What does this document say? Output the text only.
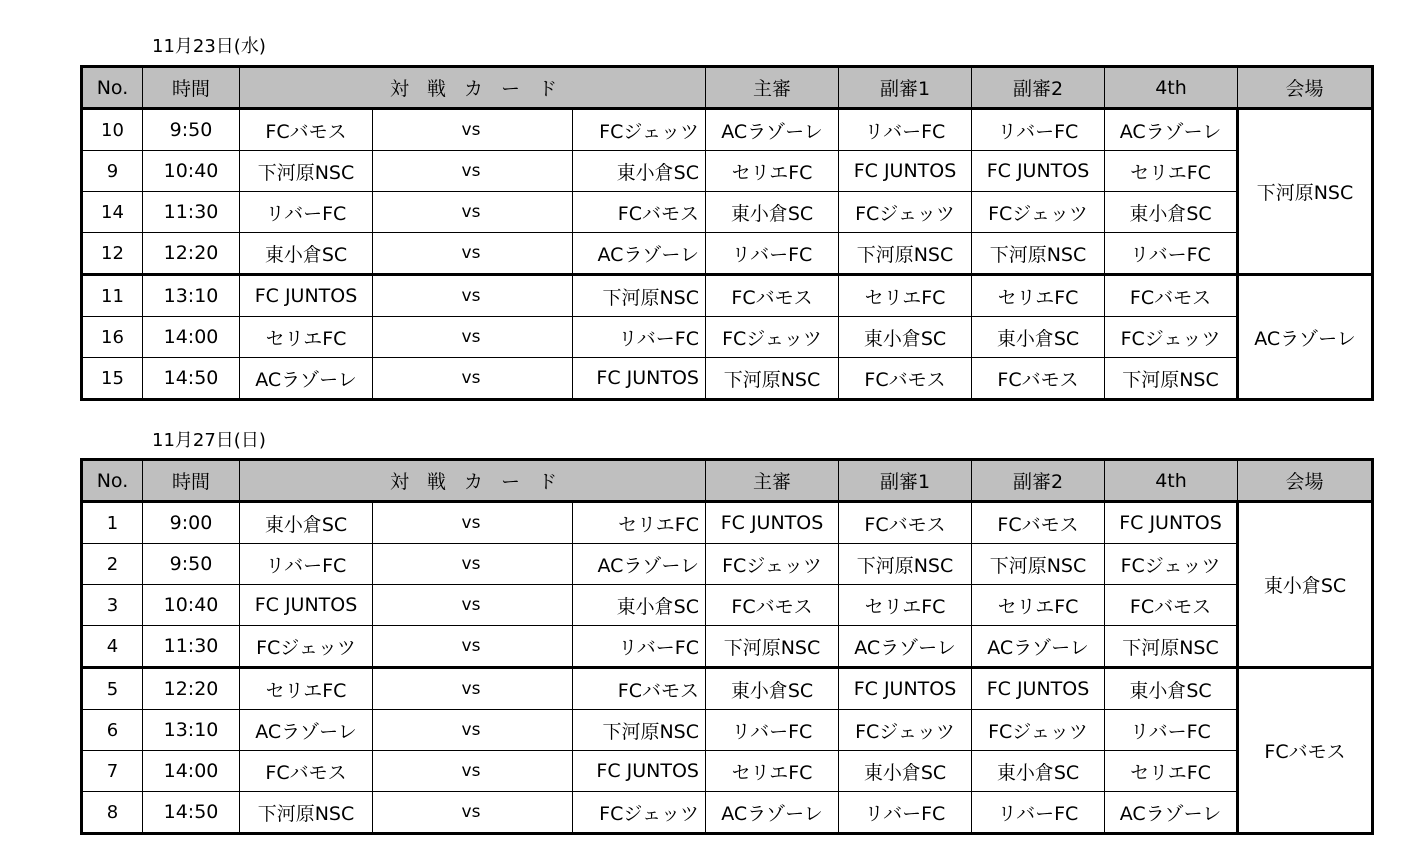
11月23日(水)
No.	時間	対戦カード					主審	副審1	副審2	4th	会場
10	9:50	FCバモス		vs		FCジェッツ	ACラゾーレ	リバーFC	リバーFC	ACラゾーレ	下河原NSC
9	10:40	下河原NSC		vs		東小倉SC	セリエFC	FC JUNTOS	FC JUNTOS	セリエFC	
14	11:30	リバーFC		vs		FCバモス	東小倉SC	FCジェッツ	FCジェッツ	東小倉SC	
12	12:20	東小倉SC		vs		ACラゾーレ	リバーFC	下河原NSC	下河原NSC	リバーFC	
11	13:10	FC JUNTOS		vs		下河原NSC	FCバモス	セリエFC	セリエFC	FCバモス	ACラゾーレ
16	14:00	セリエFC		vs		リバーFC	FCジェッツ	東小倉SC	東小倉SC	FCジェッツ	
15	14:50	ACラゾーレ		vs		FC JUNTOS	下河原NSC	FCバモス	FCバモス	下河原NSC	
11月27日(日)
No.	時間	対戦カード					主審	副審1	副審2	4th	会場
1	9:00	東小倉SC		vs		セリエFC	FC JUNTOS	FCバモス	FCバモス	FC JUNTOS	東小倉SC
2	9:50	リバーFC		vs		ACラゾーレ	FCジェッツ	下河原NSC	下河原NSC	FCジェッツ	
3	10:40	FC JUNTOS		vs		東小倉SC	FCバモス	セリエFC	セリエFC	FCバモス	
4	11:30	FCジェッツ		vs		リバーFC	下河原NSC	ACラゾーレ	ACラゾーレ	下河原NSC	
5	12:20	セリエFC		vs		FCバモス	東小倉SC	FC JUNTOS	FC JUNTOS	東小倉SC	FCバモス
6	13:10	ACラゾーレ		vs		下河原NSC	リバーFC	FCジェッツ	FCジェッツ	リバーFC	
7	14:00	FCバモス		vs		FC JUNTOS	セリエFC	東小倉SC	東小倉SC	セリエFC	
8	14:50	下河原NSC		vs		FCジェッツ	ACラゾーレ	リバーFC	リバーFC	ACラゾーレ	
